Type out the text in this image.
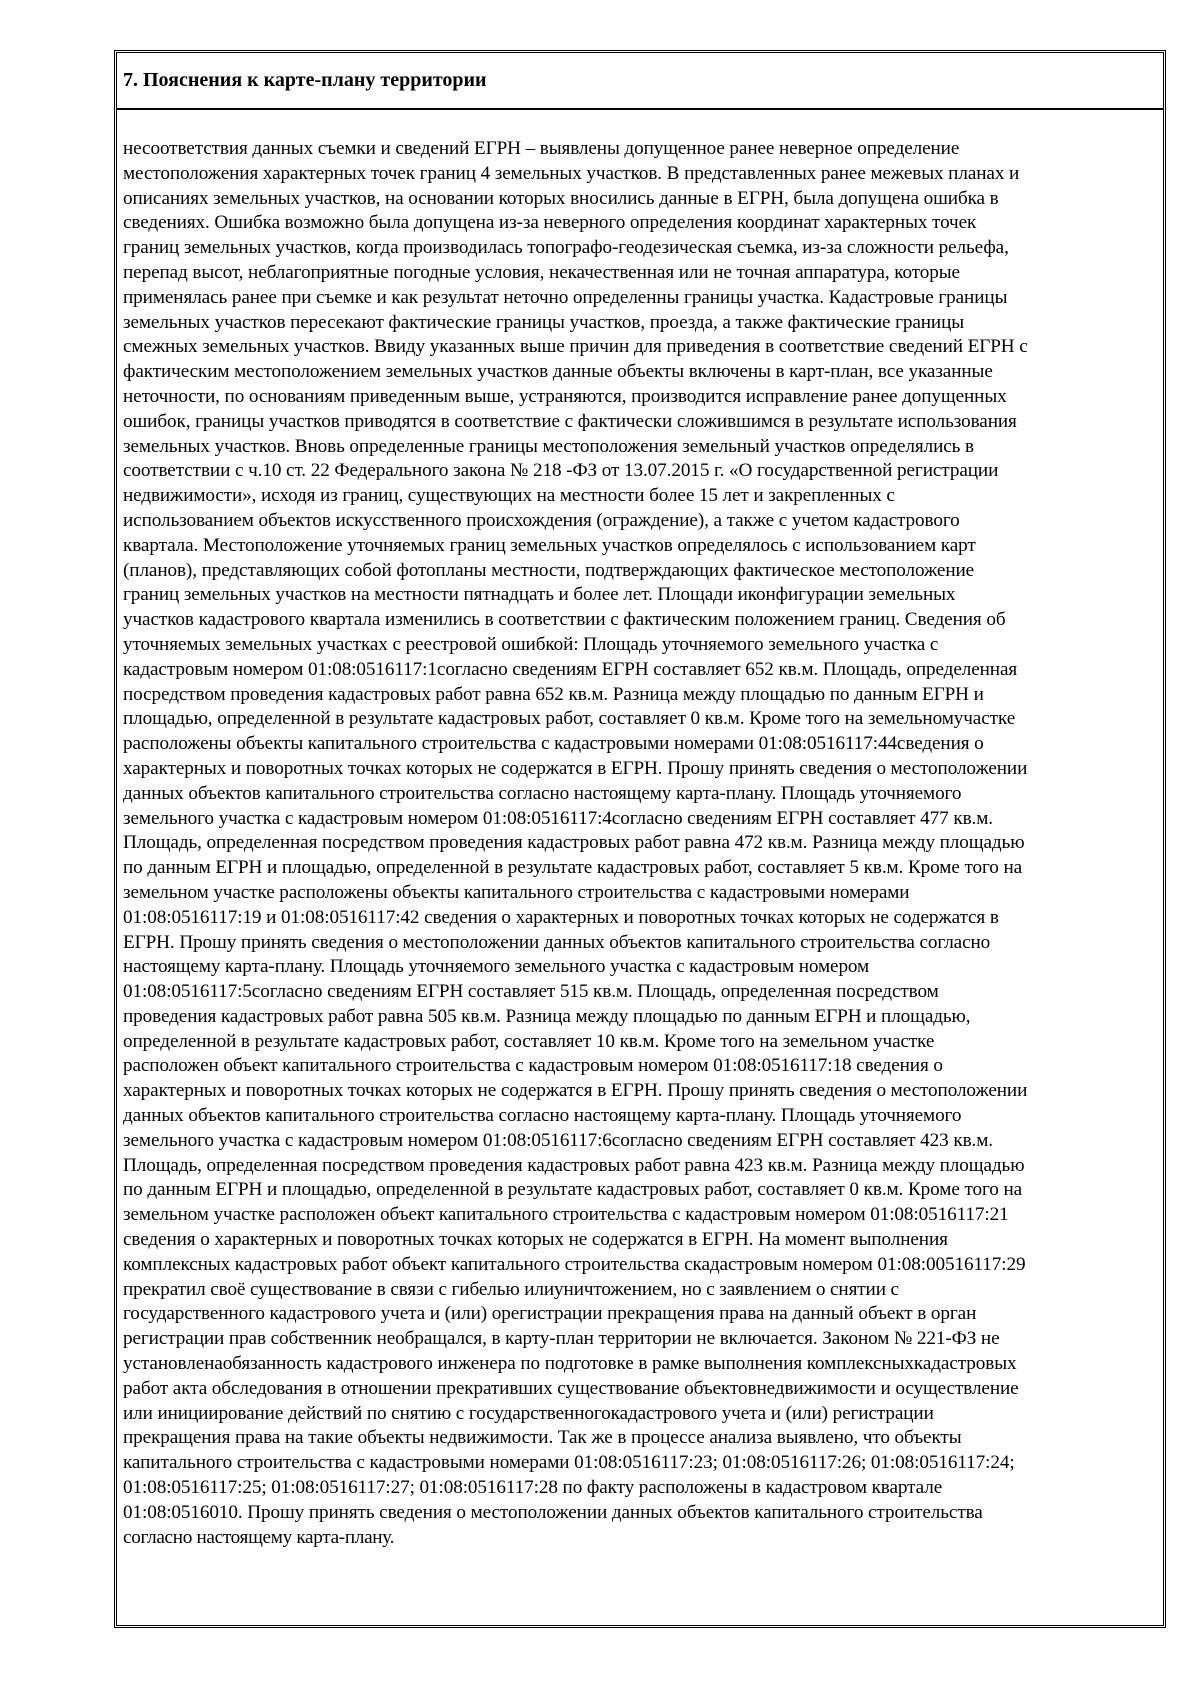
7. Пояснения к карте-плану территории
несоответствия данных съемки и сведений ЕГРН – выявлены допущенное ранее неверное определение
местоположения характерных точек границ 4 земельных участков. В представленных ранее межевых планах и
описаниях земельных участков, на основании которых вносились данные в ЕГРН, была допущена ошибка в
сведениях. Ошибка возможно была допущена из-за неверного определения координат характерных точек
границ земельных участков, когда производилась топографо-геодезическая съемка, из-за сложности рельефа,
перепад высот, неблагоприятные погодные условия, некачественная или не точная аппаратура, которые
применялась ранее при съемке и как результат неточно определенны границы участка. Кадастровые границы
земельных участков пересекают фактические границы участков, проезда, а также фактические границы
смежных земельных участков. Ввиду указанных выше причин для приведения в соответствие сведений ЕГРН с
фактическим местоположением земельных участков данные объекты включены в карт-план, все указанные
неточности, по основаниям приведенным выше, устраняются, производится исправление ранее допущенных
ошибок, границы участков приводятся в соответствие с фактически сложившимся в результате использования
земельных участков. Вновь определенные границы местоположения земельный участков определялись в
соответствии с ч.10 ст. 22 Федерального закона № 218 -ФЗ от 13.07.2015 г. «О государственной регистрации
недвижимости», исходя из границ, существующих на местности более 15 лет и закрепленных с
использованием объектов искусственного происхождения (ограждение), а также с учетом кадастрового
квартала. Местоположение уточняемых границ земельных участков определялось с использованием карт
(планов), представляющих собой фотопланы местности, подтверждающих фактическое местоположение
границ земельных участков на местности пятнадцать и более лет. Площади иконфигурации земельных
участков кадастрового квартала изменились в соответствии с фактическим положением границ. Сведения об
уточняемых земельных участках с реестровой ошибкой: Площадь уточняемого земельного участка с
кадастровым номером 01:08:0516117:1согласно сведениям ЕГРН составляет 652 кв.м. Площадь, определенная
посредством проведения кадастровых работ равна 652 кв.м. Разница между площадью по данным ЕГРН и
площадью, определенной в результате кадастровых работ, составляет 0 кв.м. Кроме того на земельномучастке
расположены объекты капитального строительства с кадастровыми номерами 01:08:0516117:44сведения о
характерных и поворотных точках которых не содержатся в ЕГРН. Прошу принять сведения о местоположении
данных объектов капитального строительства согласно настоящему карта-плану. Площадь уточняемого
земельного участка с кадастровым номером 01:08:0516117:4согласно сведениям ЕГРН составляет 477 кв.м.
Площадь, определенная посредством проведения кадастровых работ равна 472 кв.м. Разница между площадью
по данным ЕГРН и площадью, определенной в результате кадастровых работ, составляет 5 кв.м. Кроме того на
земельном участке расположены объекты капитального строительства с кадастровыми номерами
01:08:0516117:19 и 01:08:0516117:42 сведения о характерных и поворотных точках которых не содержатся в
ЕГРН. Прошу принять сведения о местоположении данных объектов капитального строительства согласно
настоящему карта-плану. Площадь уточняемого земельного участка с кадастровым номером
01:08:0516117:5согласно сведениям ЕГРН составляет 515 кв.м. Площадь, определенная посредством
проведения кадастровых работ равна 505 кв.м. Разница между площадью по данным ЕГРН и площадью,
определенной в результате кадастровых работ, составляет 10 кв.м. Кроме того на земельном участке
расположен объект капитального строительства с кадастровым номером 01:08:0516117:18 сведения о
характерных и поворотных точках которых не содержатся в ЕГРН. Прошу принять сведения о местоположении
данных объектов капитального строительства согласно настоящему карта-плану. Площадь уточняемого
земельного участка с кадастровым номером 01:08:0516117:6согласно сведениям ЕГРН составляет 423 кв.м.
Площадь, определенная посредством проведения кадастровых работ равна 423 кв.м. Разница между площадью
по данным ЕГРН и площадью, определенной в результате кадастровых работ, составляет 0 кв.м. Кроме того на
земельном участке расположен объект капитального строительства с кадастровым номером 01:08:0516117:21
сведения о характерных и поворотных точках которых не содержатся в ЕГРН. На момент выполнения
комплексных кадастровых работ объект капитального строительства скадастровым номером 01:08:00516117:29
прекратил своё существование в связи с гибелью илиуничтожением, но с заявлением о снятии с
государственного кадастрового учета и (или) орегистрации прекращения права на данный объект в орган
регистрации прав собственник необращался, в карту-план территории не включается. Законом № 221-ФЗ не
установленаобязанность кадастрового инженера по подготовке в рамке выполнения комплексныхкадастровых
работ акта обследования в отношении прекративших существование объектовнедвижимости и осуществление
или инициирование действий по снятию с государственногокадастрового учета и (или) регистрации
прекращения права на такие объекты недвижимости. Так же в процессе анализа выявлено, что объекты
капитального строительства с кадастровыми номерами 01:08:0516117:23; 01:08:0516117:26; 01:08:0516117:24;
01:08:0516117:25; 01:08:0516117:27; 01:08:0516117:28 по факту расположены в кадастровом квартале
01:08:0516010. Прошу принять сведения о местоположении данных объектов капитального строительства
согласно настоящему карта-плану.
